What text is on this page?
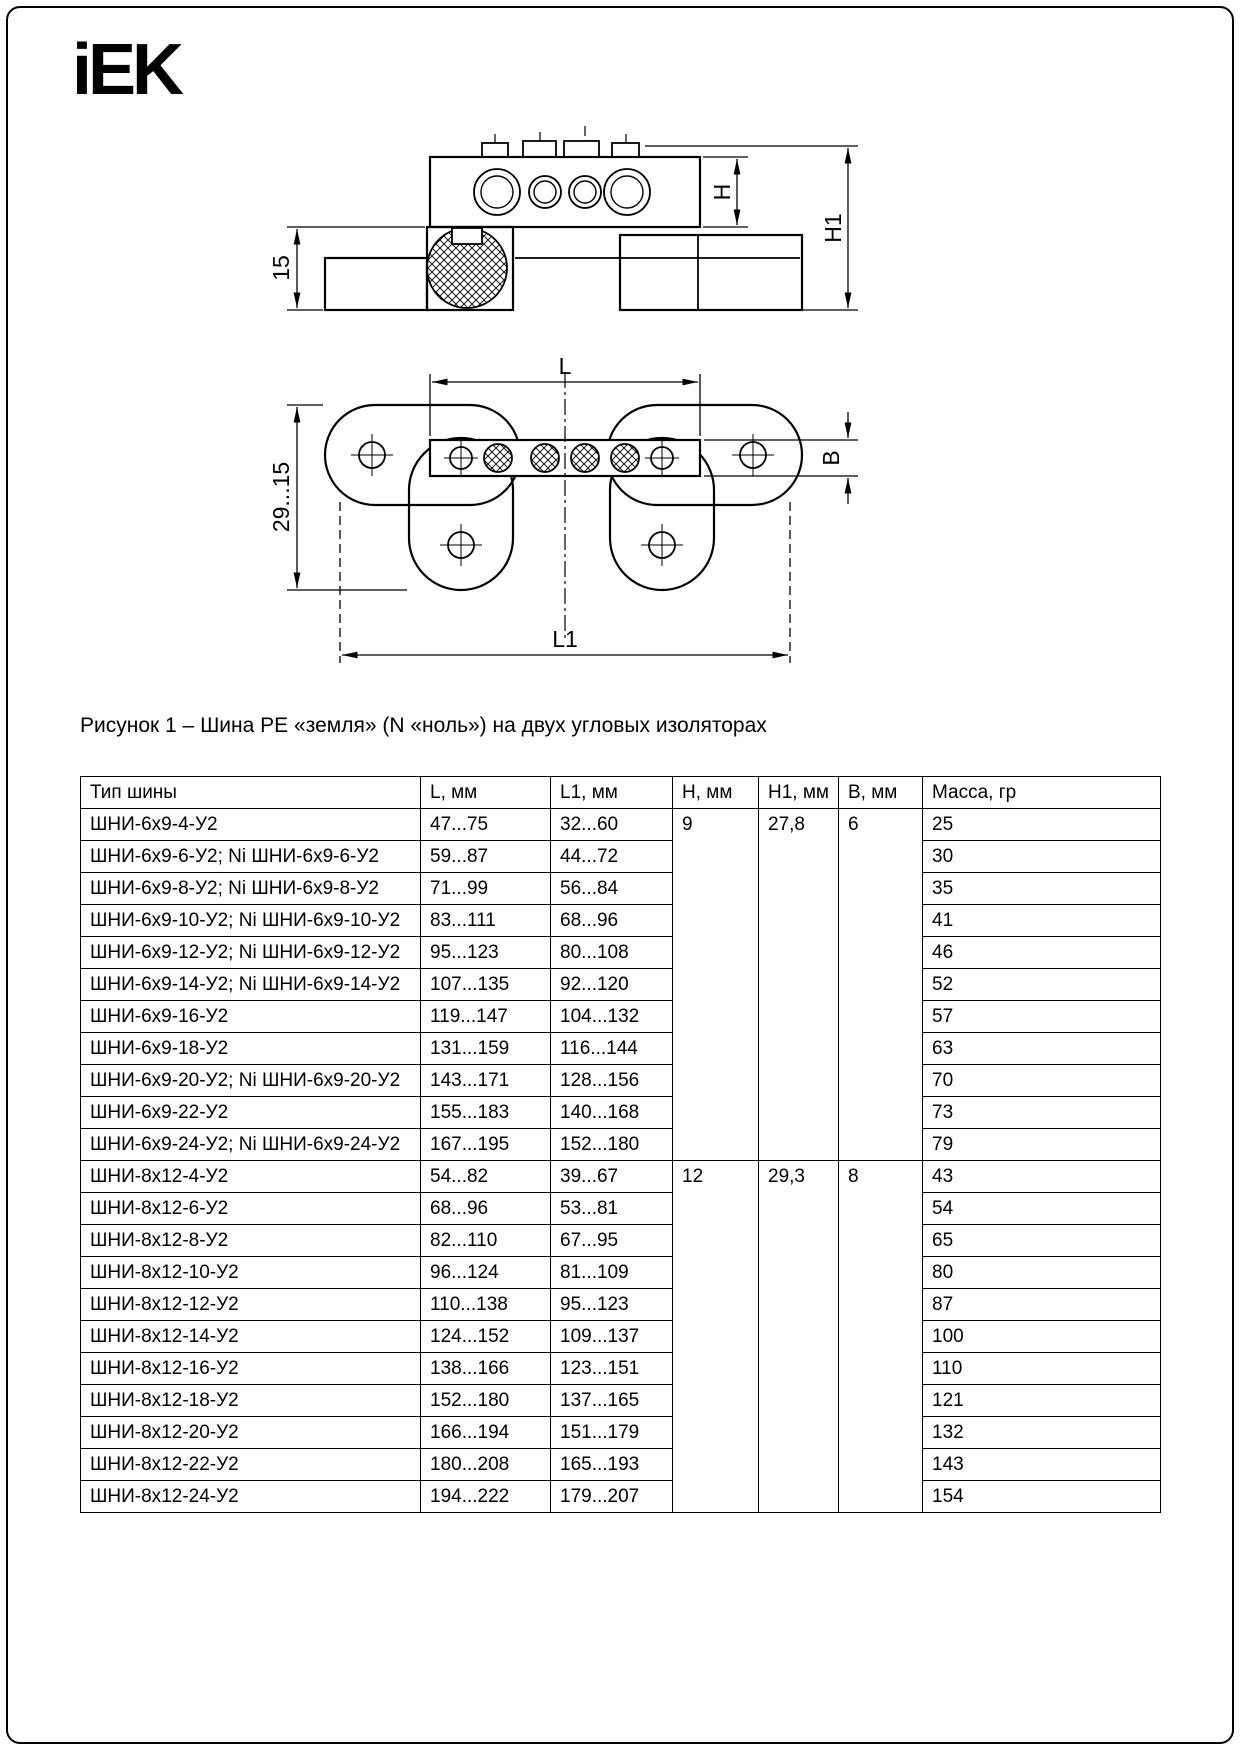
iEK
15
H
H1
L
L1
29...15
B
Рисунок 1 – Шина PE «земля» (N «ноль») на двух угловых изоляторах
Тип шины	L, мм	L1, мм	H, мм	H1, мм	B, мм	Масса, гр
ШНИ-6x9-4-У2	47...75	32...60	9	27,8	6	25
ШНИ-6x9-6-У2; Ni ШНИ-6x9-6-У2	59...87	44...72				30
ШНИ-6x9-8-У2; Ni ШНИ-6x9-8-У2	71...99	56...84				35
ШНИ-6x9-10-У2; Ni ШНИ-6x9-10-У2	83...111	68...96				41
ШНИ-6x9-12-У2; Ni ШНИ-6x9-12-У2	95...123	80...108				46
ШНИ-6x9-14-У2; Ni ШНИ-6x9-14-У2	107...135	92...120				52
ШНИ-6x9-16-У2	119...147	104...132				57
ШНИ-6x9-18-У2	131...159	116...144				63
ШНИ-6x9-20-У2; Ni ШНИ-6x9-20-У2	143...171	128...156				70
ШНИ-6x9-22-У2	155...183	140...168				73
ШНИ-6x9-24-У2; Ni ШНИ-6x9-24-У2	167...195	152...180				79
ШНИ-8x12-4-У2	54...82	39...67	12	29,3	8	43
ШНИ-8x12-6-У2	68...96	53...81				54
ШНИ-8x12-8-У2	82...110	67...95				65
ШНИ-8x12-10-У2	96...124	81...109				80
ШНИ-8x12-12-У2	110...138	95...123				87
ШНИ-8x12-14-У2	124...152	109...137				100
ШНИ-8x12-16-У2	138...166	123...151				110
ШНИ-8x12-18-У2	152...180	137...165				121
ШНИ-8x12-20-У2	166...194	151...179				132
ШНИ-8x12-22-У2	180...208	165...193				143
ШНИ-8x12-24-У2	194...222	179...207				154
